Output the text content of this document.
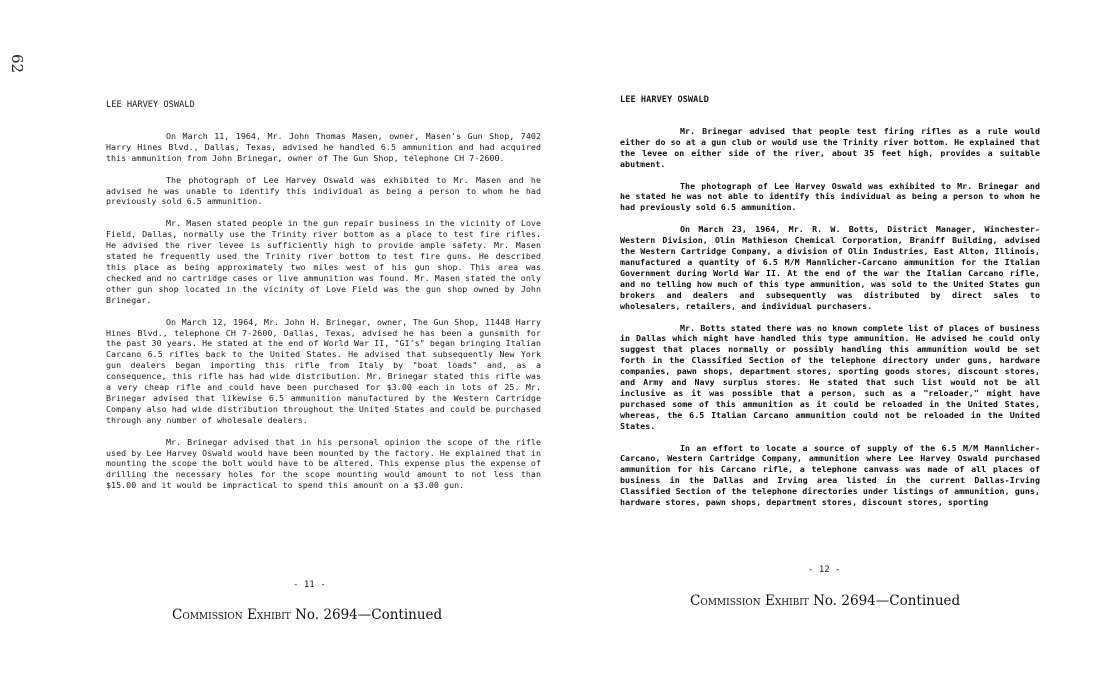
62
LEE HARVEY OSWALD

On March 11, 1964, Mr. John Thomas Masen, owner, Masen's Gun Shop, 7402 Harry Hines Blvd., Dallas, Texas, advised he handled 6.5 ammunition and had acquired this ammunition from John Brinegar, owner of The Gun Shop, telephone CH 7-2600.

The photograph of Lee Harvey Oswald was exhibited to Mr. Masen and he advised he was unable to identify this individual as being a person to whom he had previously sold 6.5 ammunition.

Mr. Masen stated people in the gun repair business in the vicinity of Love Field, Dallas, normally use the Trinity river bottom as a place to test fire rifles. He advised the river levee is sufficiently high to provide ample safety. Mr. Masen stated he frequently used the Trinity river bottom to test fire guns. He described this place as being approximately two miles west of his gun shop. This area was checked and no cartridge cases or live ammunition was found. Mr. Masen stated the only other gun shop located in the vicinity of Love Field was the gun shop owned by John Brinegar.

On March 12, 1964, Mr. John H. Brinegar, owner, The Gun Shop, 11448 Harry Hines Blvd., telephone CH 7-2600, Dallas, Texas, advised he has been a gunsmith for the past 30 years. He stated at the end of World War II, "GI's" began bringing Italian Carcano 6.5 rifles back to the United States. He advised that subsequently New York gun dealers began importing this rifle from Italy by "boat loads" and, as a consequence, this rifle has had wide distribution. Mr. Brinegar stated this rifle was a very cheap rifle and could have been purchased for $3.00 each in lots of 25. Mr. Brinegar advised that likewise 6.5 ammunition manufactured by the Western Cartridge Company also had wide distribution throughout the United States and could be purchased through any number of wholesale dealers.

Mr. Brinegar advised that in his personal opinion the scope of the rifle used by Lee Harvey Oswald would have been mounted by the factory. He explained that in mounting the scope the bolt would have to be altered. This expense plus the expense of drilling the necessary holes for the scope mounting would amount to not less than $15.00 and it would be impractical to spend this amount on a $3.00 gun.

- 11 -
Commission Exhibit No. 2694—Continued
LEE HARVEY OSWALD

Mr. Brinegar advised that people test firing rifles as a rule would either do so at a gun club or would use the Trinity river bottom. He explained that the levee on either side of the river, about 35 feet high, provides a suitable abutment.

The photograph of Lee Harvey Oswald was exhibited to Mr. Brinegar and he stated he was not able to identify this individual as being a person to whom he had previously sold 6.5 ammunition.

On March 23, 1964, Mr. R. W. Botts, District Manager, Winchester-Western Division, Olin Mathieson Chemical Corporation, Braniff Building, advised the Western Cartridge Company, a division of Olin Industries, East Alton, Illinois, manufactured a quantity of 6.5 M/M Mannlicher-Carcano ammunition for the Italian Government during World War II. At the end of the war the Italian Carcano rifle, and no telling how much of this type ammunition, was sold to the United States gun brokers and dealers and subsequently was distributed by direct sales to wholesalers, retailers, and individual purchasers.

Mr. Botts stated there was no known complete list of places of business in Dallas which might have handled this type ammunition. He advised he could only suggest that places normally or possibly handling this ammunition would be set forth in the Classified Section of the telephone directory under guns, hardware companies, pawn shops, department stores, sporting goods stores, discount stores, and Army and Navy surplus stores. He stated that such list would not be all inclusive as it was possible that a person, such as a "reloader," might have purchased some of this ammunition as it could be reloaded in the United States, whereas, the 6.5 Italian Carcano ammunition could not be reloaded in the United States.

In an effort to locate a source of supply of the 6.5 M/M Mannlicher-Carcano, Western Cartridge Company, ammunition where Lee Harvey Oswald purchased ammunition for his Carcano rifle, a telephone canvass was made of all places of business in the Dallas and Irving area listed in the current Dallas-Irving Classified Section of the telephone directories under listings of ammunition, guns, hardware stores, pawn shops, department stores, discount stores, sporting

- 12 -
Commission Exhibit No. 2694—Continued
